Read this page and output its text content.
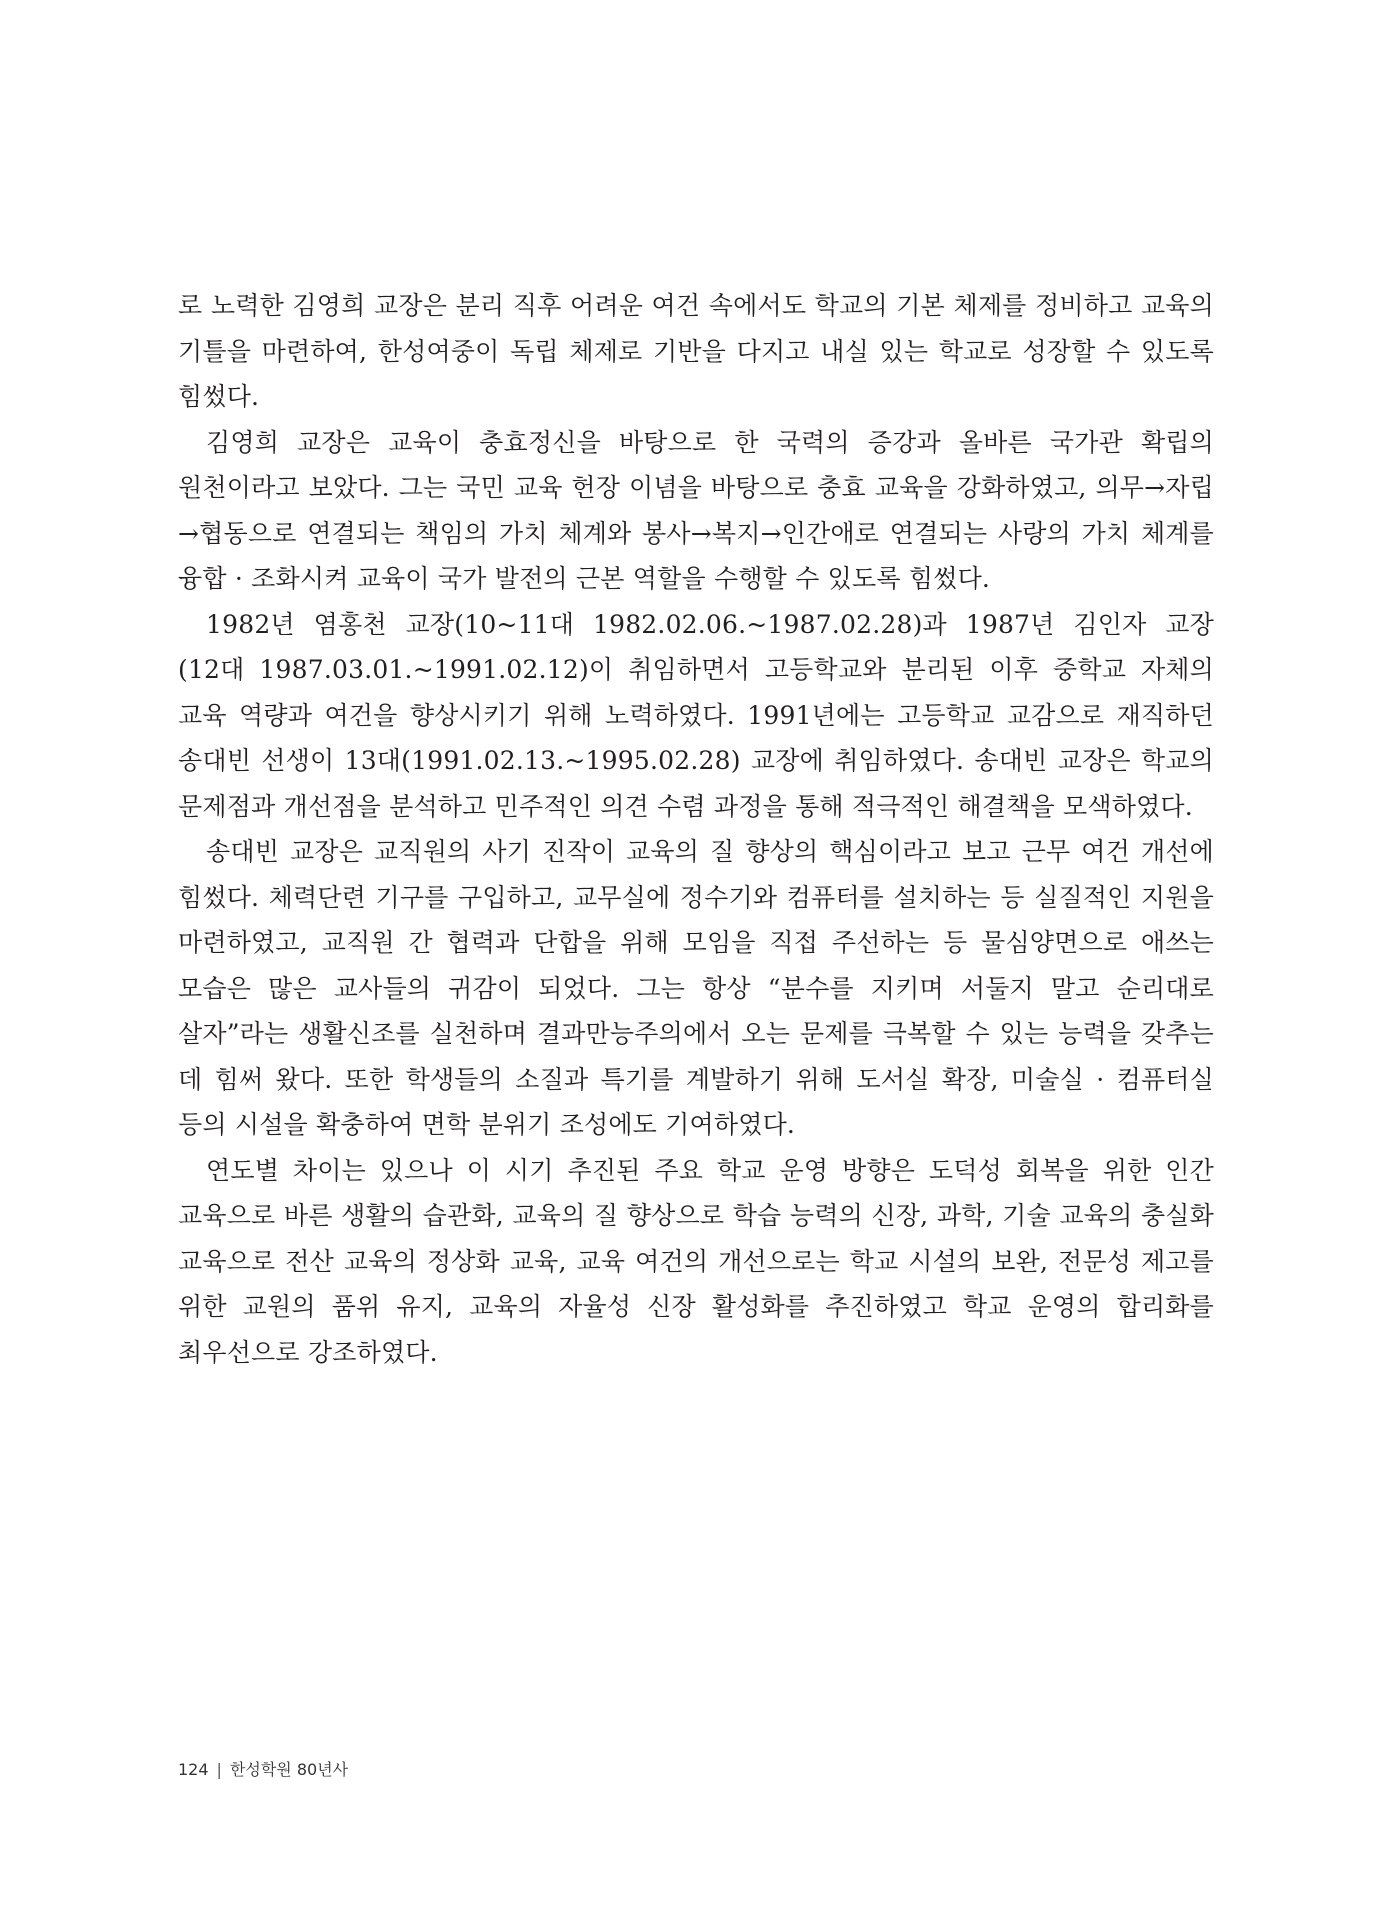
로 노력한 김영희 교장은 분리 직후 어려운 여건 속에서도 학교의 기본 체제를 정비하고 교육의 기틀을 마련하여, 한성여중이 독립 체제로 기반을 다지고 내실 있는 학교로 성장할 수 있도록 힘썼다.

김영희 교장은 교육이 충효정신을 바탕으로 한 국력의 증강과 올바른 국가관 확립의 원천이라고 보았다. 그는 국민 교육 헌장 이념을 바탕으로 충효 교육을 강화하였고, 의무→자립→협동으로 연결되는 책임의 가치 체계와 봉사→복지→인간애로 연결되는 사랑의 가치 체계를 융합 · 조화시켜 교육이 국가 발전의 근본 역할을 수행할 수 있도록 힘썼다.

1982년 염홍천 교장(10~11대 1982.02.06.~1987.02.28)과 1987년 김인자 교장(12대 1987.03.01.~1991.02.12)이 취임하면서 고등학교와 분리된 이후 중학교 자체의 교육 역량과 여건을 향상시키기 위해 노력하였다. 1991년에는 고등학교 교감으로 재직하던 송대빈 선생이 13대(1991.02.13.~1995.02.28) 교장에 취임하였다. 송대빈 교장은 학교의 문제점과 개선점을 분석하고 민주적인 의견 수렴 과정을 통해 적극적인 해결책을 모색하였다.

송대빈 교장은 교직원의 사기 진작이 교육의 질 향상의 핵심이라고 보고 근무 여건 개선에 힘썼다. 체력단련 기구를 구입하고, 교무실에 정수기와 컴퓨터를 설치하는 등 실질적인 지원을 마련하였고, 교직원 간 협력과 단합을 위해 모임을 직접 주선하는 등 물심양면으로 애쓰는 모습은 많은 교사들의 귀감이 되었다. 그는 항상 “분수를 지키며 서둘지 말고 순리대로 살자”라는 생활신조를 실천하며 결과만능주의에서 오는 문제를 극복할 수 있는 능력을 갖추는 데 힘써 왔다. 또한 학생들의 소질과 특기를 계발하기 위해 도서실 확장, 미술실 · 컴퓨터실 등의 시설을 확충하여 면학 분위기 조성에도 기여하였다.

연도별 차이는 있으나 이 시기 추진된 주요 학교 운영 방향은 도덕성 회복을 위한 인간 교육으로 바른 생활의 습관화, 교육의 질 향상으로 학습 능력의 신장, 과학, 기술 교육의 충실화 교육으로 전산 교육의 정상화 교육, 교육 여건의 개선으로는 학교 시설의 보완, 전문성 제고를 위한 교원의 품위 유지, 교육의 자율성 신장 활성화를 추진하였고 학교 운영의 합리화를 최우선으로 강조하였다.

124 | 한성학원 80년사
